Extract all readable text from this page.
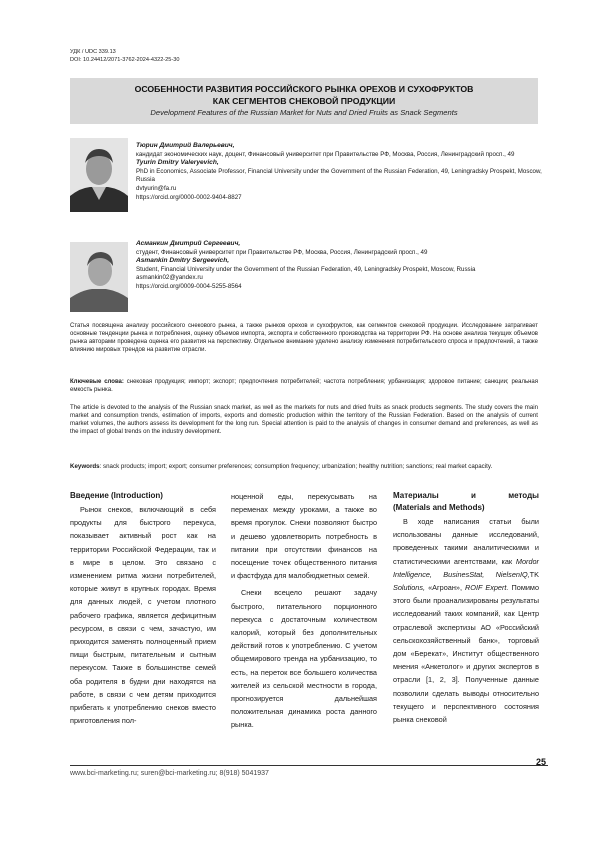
УДК / UDC 339.13
DOI: 10.24412/2071-3762-2024-4322-25-30
ОСОБЕННОСТИ РАЗВИТИЯ РОССИЙСКОГО РЫНКА ОРЕХОВ И СУХОФРУКТОВ
КАК СЕГМЕНТОВ СНЕКОВОЙ ПРОДУКЦИИ
Development Features of the Russian Market for Nuts and Dried Fruits as Snack Segments
Тюрин Дмитрий Валерьевич,
кандидат экономических наук, доцент, Финансовый университет при Правительстве РФ, Москва, Россия, Ленинградский просп., 49
Tyurin Dmitry Valeryevich,
PhD in Economics, Associate Professor, Financial University under the Government of the Russian Federation, 49, Leningradsky Prospekt, Moscow, Russia
dvtyurin@fa.ru
https://orcid.org/0000-0002-9404-8827
Асманкин Дмитрий Сергеевич,
студент, Финансовый университет при Правительстве РФ, Москва, Россия, Ленинградский просп., 49
Asmankin Dmitry Sergeevich,
Student, Financial University under the Government of the Russian Federation, 49, Leningradsky Prospekt, Moscow, Russia
asmankin02@yandex.ru
https://orcid.org/0009-0004-5255-8564
Статья посвящена анализу российского снекового рынка, а также рынков орехов и сухофруктов, как сегментов снековой продукции. Исследование затрагивает основные тенденции рынка и потребления, оценку объемов импорта, экспорта и собственного производства на территории РФ. На основе анализа текущих объемов рынка авторами проведена оценка его развития на перспективу. Отдельное внимание уделено анализу изменения потребительского спроса и предпочтений, а также влиянию мировых трендов на развитие отрасли.
Ключевые слова: снековая продукция; импорт; экспорт; предпочтения потребителей; частота потребления; урбанизация; здоровое питание; санкции; реальная емкость рынка.
The article is devoted to the analysis of the Russian snack market, as well as the markets for nuts and dried fruits as snack products segments. The study covers the main market and consumption trends, estimation of imports, exports and domestic production within the territory of the Russian Federation. Based on the analysis of current market volumes, the authors assess its development for the long run. Special attention is paid to the analysis of changes in consumer demand and preferences, as well as the impact of global trends on the industry development.
Keywords: snack products; import; export; consumer preferences; consumption frequency; urbanization; healthy nutrition; sanctions; real market capacity.
Введение (Introduction)

Рынок снеков, включающий в себя продукты для быстрого перекуса, показывает активный рост как на территории Российской Федерации, так и в мире в целом. Это связано с изменением ритма жизни потребителей, которые живут в крупных городах. Время для данных людей, с учетом плотного рабочего графика, является дефицитным ресурсом, в связи с чем, зачастую, им приходится заменять полноценный прием пищи быстрым, питательным и сытным перекусом. Также в большинстве семей оба родителя в будни дни находятся на работе, в связи с чем детям приходится прибегать к употреблению снеков вместо приготовления пол-

ноценной еды, перекусывать на переменах между уроками, а также во время прогулок. Снеки позволяют быстро и дешево удовлетворить потребность в питании при отсутствии финансов на посещение точек общественного питания и фастфуда для малобюджетных семей.

Снеки всецело решают задачу быстрого, питательного порционного перекуса с достаточным количеством калорий, который без дополнительных действий готов к употреблению. С учетом общемирового тренда на урбанизацию, то есть, на переток все большего количества жителей из сельской местности в города, прогнозируется дальнейшая положительная динамика роста данного рынка.

Материалы	и	методы
(Materials and Methods)

В ходе написания статьи были использованы данные исследований, проведенных такими аналитическими и статистическими агентствами, как Mordor Intelligence, BusinesStat, NielsenIQ,TK Solutions, «Агроан», ROIF Expert. Помимо этого были проанализированы результаты исследований таких компаний, как Центр отраслевой экспертизы АО «Российский сельскохозяйственный банк», торговый дом «Берекат», Институт общественного мнения «Анкетолог» и других экспертов в отрасли [1, 2, 3]. Полученные данные позволили сделать выводы относительно текущего и перспективного состояния рынка снековой

25
www.bci-marketing.ru; suren@bci-marketing.ru; 8(918) 5041937
